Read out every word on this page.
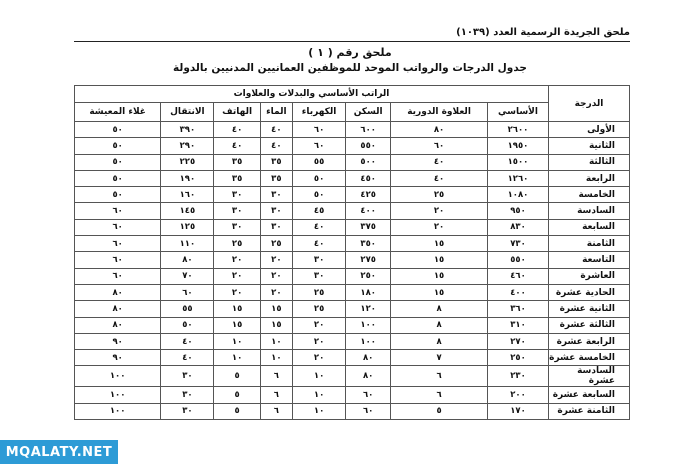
ملحق الجريدة الرسمية العدد (١٠٣٩)
ملحق رقم ( ١ )
جدول الدرجات والرواتب الموحد للموظفين العمانيين المدنيين بالدولة
الدرجة	الراتب الأساسي والبدلات والعلاوات							
	الأساسي	العلاوة الدورية	السكن	الكهرباء	الماء	الهاتف	الانتقال	غلاء المعيشة
الأولى	٢٦٠٠	٨٠	٦٠٠	٦٠	٤٠	٤٠	٣٩٠	٥٠
الثانية	١٩٥٠	٦٠	٥٥٠	٦٠	٤٠	٤٠	٢٩٠	٥٠
الثالثة	١٥٠٠	٤٠	٥٠٠	٥٥	٣٥	٣٥	٢٢٥	٥٠
الرابعة	١٢٦٠	٤٠	٤٥٠	٥٠	٣٥	٣٥	١٩٠	٥٠
الخامسة	١٠٨٠	٢٥	٤٢٥	٥٠	٣٠	٣٠	١٦٠	٥٠
السادسة	٩٥٠	٢٠	٤٠٠	٤٥	٣٠	٣٠	١٤٥	٦٠
السابعة	٨٣٠	٢٠	٣٧٥	٤٠	٣٠	٣٠	١٢٥	٦٠
الثامنة	٧٣٠	١٥	٣٥٠	٤٠	٢٥	٢٥	١١٠	٦٠
التاسعة	٥٥٠	١٥	٢٧٥	٣٠	٢٠	٢٠	٨٠	٦٠
العاشرة	٤٦٠	١٥	٢٥٠	٣٠	٢٠	٢٠	٧٠	٦٠
الحادية عشرة	٤٠٠	١٥	١٨٠	٢٥	٢٠	٢٠	٦٠	٨٠
الثانية عشرة	٣٦٠	٨	١٢٠	٢٥	١٥	١٥	٥٥	٨٠
الثالثة عشرة	٣١٠	٨	١٠٠	٢٠	١٥	١٥	٥٠	٨٠
الرابعة عشرة	٢٧٠	٨	١٠٠	٢٠	١٠	١٠	٤٠	٩٠
الخامسة عشرة	٢٥٠	٧	٨٠	٢٠	١٠	١٠	٤٠	٩٠
السادسة عشرة	٢٣٠	٦	٨٠	١٠	٦	٥	٣٠	١٠٠
السابعة عشرة	٢٠٠	٦	٦٠	١٠	٦	٥	٣٠	١٠٠
الثامنة عشرة	١٧٠	٥	٦٠	١٠	٦	٥	٣٠	١٠٠
MQALATY.NET
